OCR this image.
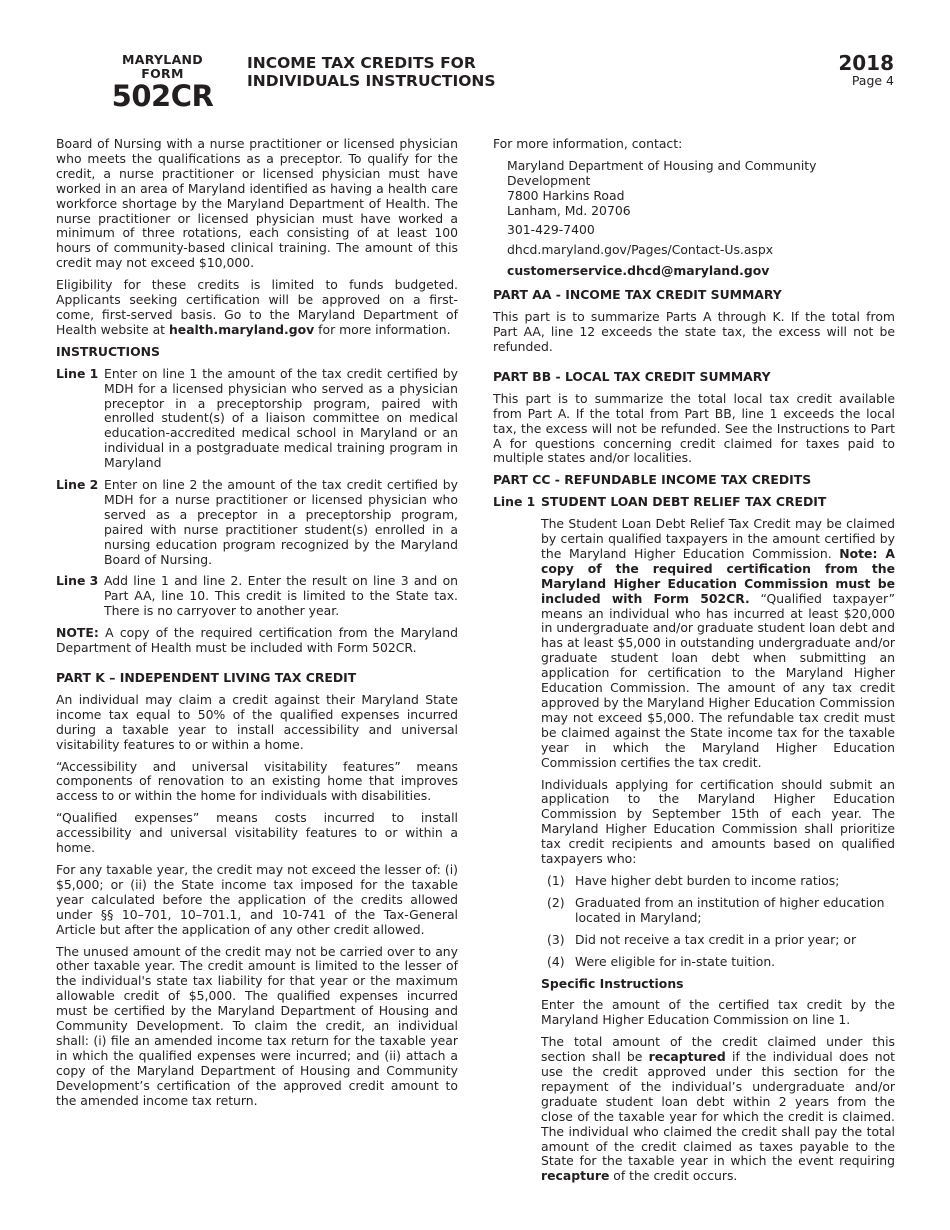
MARYLAND
FORM
502CR
INCOME TAX CREDITS FOR
INDIVIDUALS INSTRUCTIONS
2018
Page 4

Board of Nursing with a nurse practitioner or licensed physician who meets the qualifications as a preceptor. To qualify for the credit, a nurse practitioner or licensed physician must have worked in an area of Maryland identified as having a health care workforce shortage by the Maryland Department of Health. The nurse practitioner or licensed physician must have worked a minimum of three rotations, each consisting of at least 100 hours of community-based clinical training. The amount of this credit may not exceed $10,000.

Eligibility for these credits is limited to funds budgeted. Applicants seeking certification will be approved on a first-come, first-served basis. Go to the Maryland Department of Health website at health.maryland.gov for more information.

INSTRUCTIONS
Line 1 Enter on line 1 the amount of the tax credit certified by MDH for a licensed physician who served as a physician preceptor in a preceptorship program, paired with enrolled student(s) of a liaison committee on medical education-accredited medical school in Maryland or an individual in a postgraduate medical training program in Maryland
Line 2 Enter on line 2 the amount of the tax credit certified by MDH for a nurse practitioner or licensed physician who served as a preceptor in a preceptorship program, paired with nurse practitioner student(s) enrolled in a nursing education program recognized by the Maryland Board of Nursing.
Line 3 Add line 1 and line 2. Enter the result on line 3 and on Part AA, line 10. This credit is limited to the State tax. There is no carryover to another year.

NOTE: A copy of the required certification from the Maryland Department of Health must be included with Form 502CR.

PART K – INDEPENDENT LIVING TAX CREDIT

An individual may claim a credit against their Maryland State income tax equal to 50% of the qualified expenses incurred during a taxable year to install accessibility and universal visitability features to or within a home.

“Accessibility and universal visitability features” means components of renovation to an existing home that improves access to or within the home for individuals with disabilities.

“Qualified expenses” means costs incurred to install accessibility and universal visitability features to or within a home.

For any taxable year, the credit may not exceed the lesser of: (i) $5,000; or (ii) the State income tax imposed for the taxable year calculated before the application of the credits allowed under §§ 10–701, 10–701.1, and 10-741 of the Tax-General Article but after the application of any other credit allowed.

The unused amount of the credit may not be carried over to any other taxable year. The credit amount is limited to the lesser of the individual's state tax liability for that year or the maximum allowable credit of $5,000. The qualified expenses incurred must be certified by the Maryland Department of Housing and Community Development. To claim the credit, an individual shall: (i) file an amended income tax return for the taxable year in which the qualified expenses were incurred; and (ii) attach a copy of the Maryland Department of Housing and Community Development’s certification of the approved credit amount to the amended income tax return.

For more information, contact:

Maryland Department of Housing and Community Development
7800 Harkins Road
Lanham, Md. 20706

301-429-7400

dhcd.maryland.gov/Pages/Contact-Us.aspx

customerservice.dhcd@maryland.gov

PART AA - INCOME TAX CREDIT SUMMARY

This part is to summarize Parts A through K. If the total from Part AA, line 12 exceeds the state tax, the excess will not be refunded.

PART BB - LOCAL TAX CREDIT SUMMARY

This part is to summarize the total local tax credit available from Part A. If the total from Part BB, line 1 exceeds the local tax, the excess will not be refunded. See the Instructions to Part A for questions concerning credit claimed for taxes paid to multiple states and/or localities.

PART CC - REFUNDABLE INCOME TAX CREDITS
Line 1 STUDENT LOAN DEBT RELIEF TAX CREDIT

The Student Loan Debt Relief Tax Credit may be claimed by certain qualified taxpayers in the amount certified by the Maryland Higher Education Commission. Note: A copy of the required certification from the Maryland Higher Education Commission must be included with Form 502CR. “Qualified taxpayer” means an individual who has incurred at least $20,000 in undergraduate and/or graduate student loan debt and has at least $5,000 in outstanding undergraduate and/or graduate student loan debt when submitting an application for certification to the Maryland Higher Education Commission. The amount of any tax credit approved by the Maryland Higher Education Commission may not exceed $5,000. The refundable tax credit must be claimed against the State income tax for the taxable year in which the Maryland Higher Education Commission certifies the tax credit.

Individuals applying for certification should submit an application to the Maryland Higher Education Commission by September 15th of each year. The Maryland Higher Education Commission shall prioritize tax credit recipients and amounts based on qualified taxpayers who:

(1) Have higher debt burden to income ratios;
(2) Graduated from an institution of higher education located in Maryland;
(3) Did not receive a tax credit in a prior year; or
(4) Were eligible for in-state tuition.
Specific Instructions

Enter the amount of the certified tax credit by the Maryland Higher Education Commission on line 1.

The total amount of the credit claimed under this section shall be recaptured if the individual does not use the credit approved under this section for the repayment of the individual’s undergraduate and/or graduate student loan debt within 2 years from the close of the taxable year for which the credit is claimed. The individual who claimed the credit shall pay the total amount of the credit claimed as taxes payable to the State for the taxable year in which the event requiring recapture of the credit occurs.
